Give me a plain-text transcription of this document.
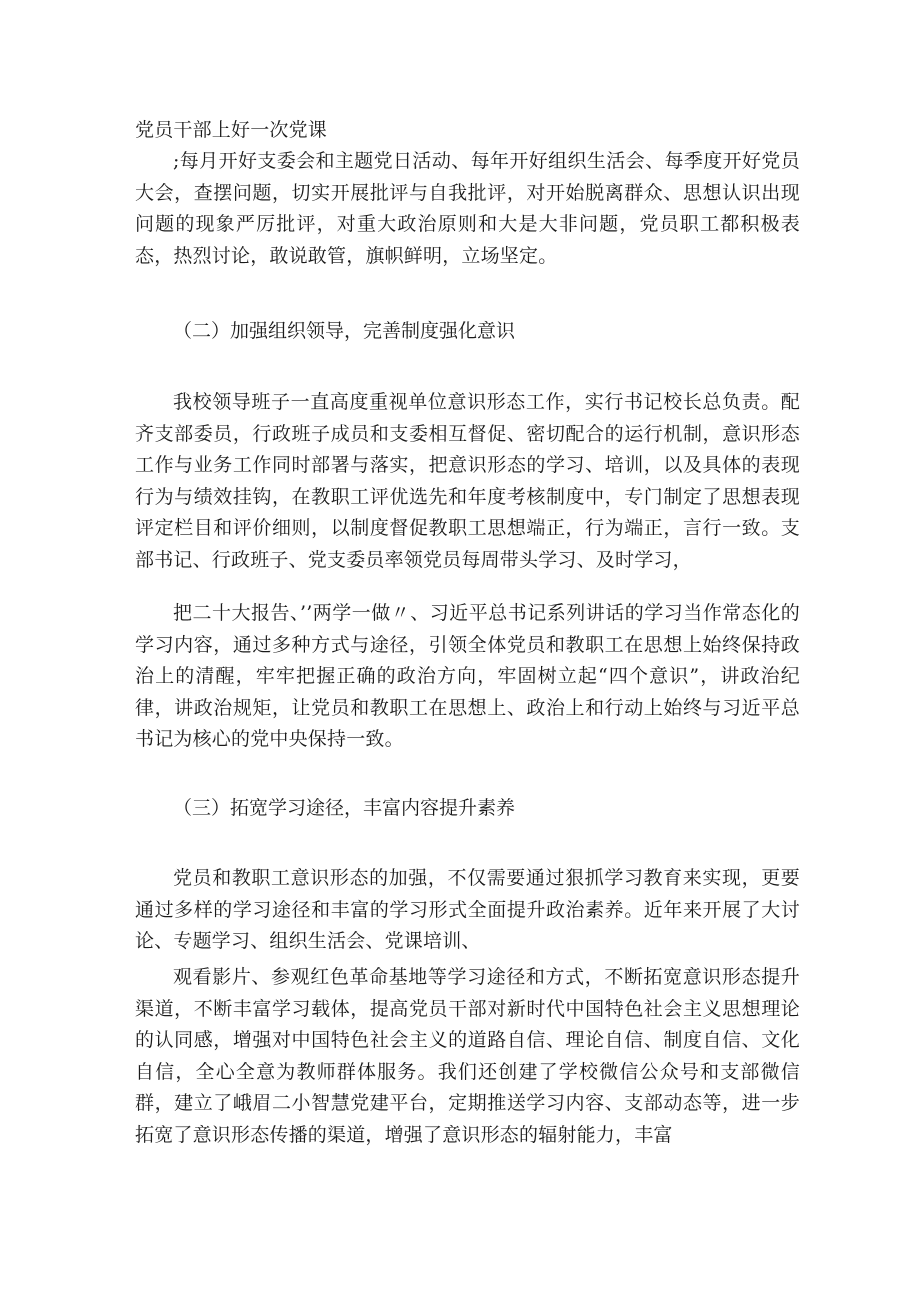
党员干部上好一次党课

;每月开好支委会和主题党日活动、每年开好组织生活会、每季度开好党员大会，查摆问题，切实开展批评与自我批评，对开始脱离群众、思想认识出现问题的现象严厉批评，对重大政治原则和大是大非问题，党员职工都积极表态，热烈讨论，敢说敢管，旗帜鲜明，立场坚定。

（二）加强组织领导，完善制度强化意识

我校领导班子一直高度重视单位意识形态工作，实行书记校长总负责。配齐支部委员，行政班子成员和支委相互督促、密切配合的运行机制，意识形态工作与业务工作同时部署与落实，把意识形态的学习、培训，以及具体的表现行为与绩效挂钩，在教职工评优选先和年度考核制度中，专门制定了思想表现评定栏目和评价细则，以制度督促教职工思想端正，行为端正，言行一致。支部书记、行政班子、党支委员率领党员每周带头学习、及时学习，

把二十大报告、’’两学一做〃、习近平总书记系列讲话的学习当作常态化的学习内容，通过多种方式与途径，引领全体党员和教职工在思想上始终保持政治上的清醒，牢牢把握正确的政治方向，牢固树立起“四个意识”，讲政治纪律，讲政治规矩，让党员和教职工在思想上、政治上和行动上始终与习近平总书记为核心的党中央保持一致。

（三）拓宽学习途径，丰富内容提升素养

党员和教职工意识形态的加强，不仅需要通过狠抓学习教育来实现，更要通过多样的学习途径和丰富的学习形式全面提升政治素养。近年来开展了大讨论、专题学习、组织生活会、党课培训、

观看影片、参观红色革命基地等学习途径和方式，不断拓宽意识形态提升渠道，不断丰富学习载体，提高党员干部对新时代中国特色社会主义思想理论的认同感，增强对中国特色社会主义的道路自信、理论自信、制度自信、文化自信，全心全意为教师群体服务。我们还创建了学校微信公众号和支部微信群，建立了峨眉二小智慧党建平台，定期推送学习内容、支部动态等，进一步拓宽了意识形态传播的渠道，增强了意识形态的辐射能力，丰富
